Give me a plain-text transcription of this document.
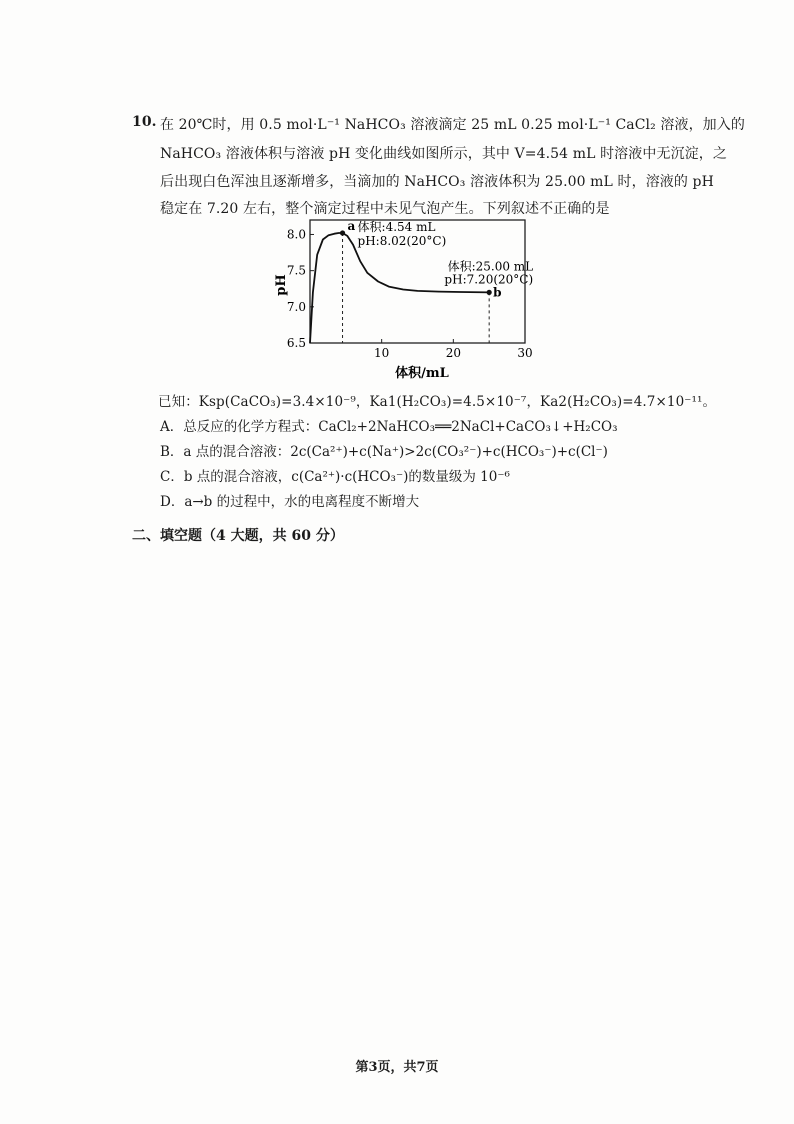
10. 在 20℃时，用 0.5 mol·L⁻¹ NaHCO₃ 溶液滴定 25 mL 0.25 mol·L⁻¹ CaCl₂ 溶液，加入的
NaHCO₃ 溶液体积与溶液 pH 变化曲线如图所示，其中 V=4.54 mL 时溶液中无沉淀，之
后出现白色浑浊且逐渐增多，当滴加的 NaHCO₃ 溶液体积为 25.00 mL 时，溶液的 pH
稳定在 7.20 左右，整个滴定过程中未见气泡产生。下列叙述不正确的是
10	20	30
8.0
7.5
7.0
6.5
a 体积:4.54 mL
pH:8.02(20°C)
b
体积:25.00 mL
pH:7.20(20°C)
pH
体积/mL
已知：Ksp(CaCO₃)=3.4×10⁻⁹，Ka1(H₂CO₃)=4.5×10⁻⁷，Ka2(H₂CO₃)=4.7×10⁻¹¹。
A．总反应的化学方程式：CaCl₂+2NaHCO₃══2NaCl+CaCO₃↓+H₂CO₃
B．a 点的混合溶液：2c(Ca²⁺)+c(Na⁺)>2c(CO₃²⁻)+c(HCO₃⁻)+c(Cl⁻)
C．b 点的混合溶液，c(Ca²⁺)·c(HCO₃⁻)的数量级为 10⁻⁶
D．a→b 的过程中，水的电离程度不断增大
二、填空题（4 大题，共 60 分）
第3页，共7页
